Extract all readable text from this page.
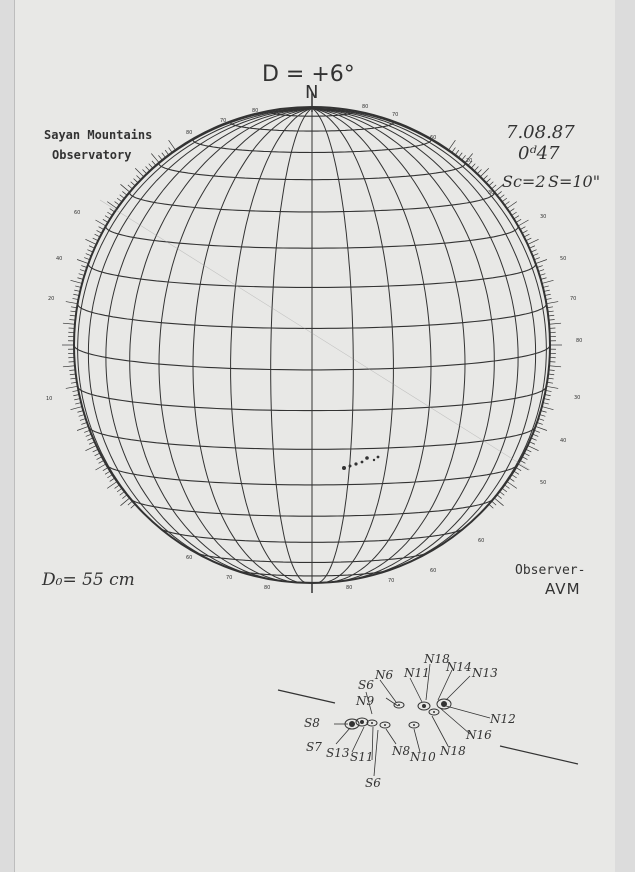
D = +6°
N
Sayan Mountains
Observatory
7.08.87
0ᵈ47
Sc=2 S=10"
D₀= 55 cm	Observer-
AVM
80
80
70
70
80
60
30
50
70
80
30
40
50
60
30
20
60
40
20
10
60
70
80
60
70
80
S6
N6 N11
N18
N14 N13
N9
S8
S7 S13 S11
S6
N8 N10 N18
N16
N12
